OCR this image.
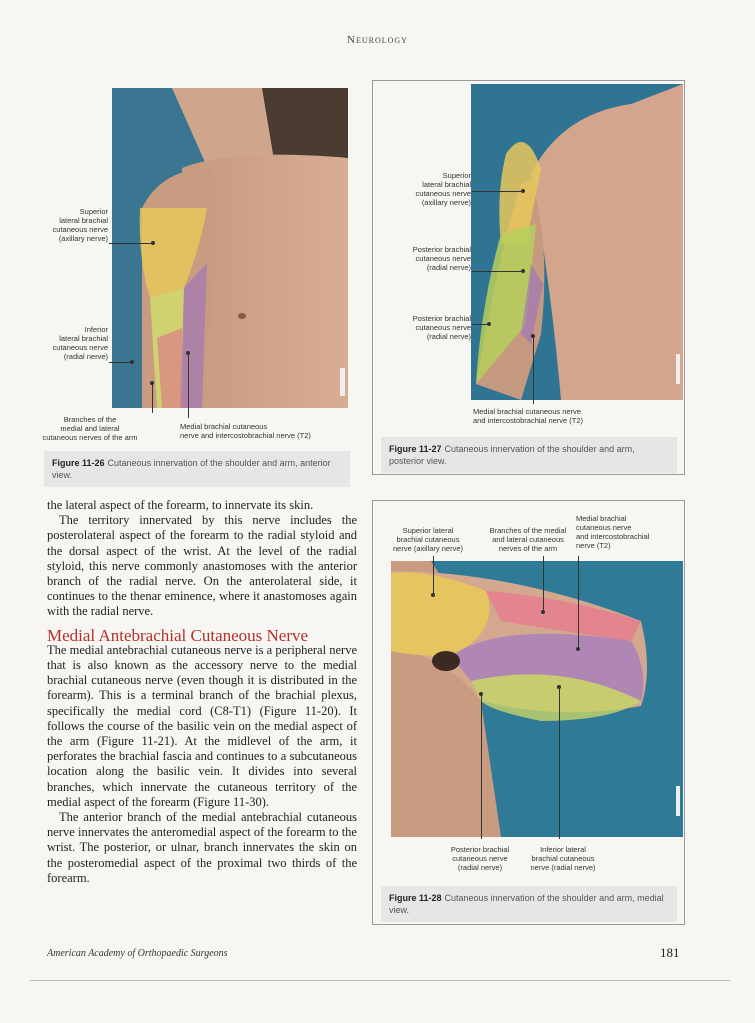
Neurology
Superior
lateral brachial
cutaneous nerve
(axillary nerve)
Inferior
lateral brachial
cutaneous nerve
(radial nerve)
Branches of the
medial and lateral
cutaneous nerves of the arm
Medial brachial cutaneous
nerve and intercostobrachial nerve (T2)
Figure 11-26 Cutaneous innervation of the shoulder and arm, anterior view.
Superior
lateral brachial
cutaneous nerve
(axillary nerve)
Posterior brachial
cutaneous nerve
(radial nerve)
Posterior brachial
cutaneous nerve
(radial nerve)
Medial brachial cutaneous nerve
and intercostobrachial nerve (T2)
Figure 11-27 Cutaneous innervation of the shoulder and arm, posterior view.
Superior lateral
brachial cutaneous
nerve (axillary nerve)
Branches of the medial
and lateral cutaneous
nerves of the arm
Medial brachial
cutaneous nerve
and intercostobrachial
nerve (T2)
Posterior brachial
cutaneous nerve
(radial nerve)
Inferior lateral
brachial cutaneous
nerve (radial nerve)
Figure 11-28 Cutaneous innervation of the shoulder and arm, medial view.

the lateral aspect of the forearm, to innervate its skin.

The territory innervated by this nerve includes the posterolateral aspect of the forearm to the radial styloid and the dorsal aspect of the wrist. At the level of the radial styloid, this nerve commonly anastomoses with the anterior branch of the radial nerve. On the anterolateral side, it continues to the thenar eminence, where it anastomoses again with the radial nerve.

Medial Antebrachial Cutaneous Nerve

The medial antebrachial cutaneous nerve is a peripheral nerve that is also known as the accessory nerve to the medial brachial cutaneous nerve (even though it is distributed in the forearm). This is a terminal branch of the brachial plexus, specifically the medial cord (C8-T1) (Figure 11-20). It follows the course of the basilic vein on the medial aspect of the arm (Figure 11-21). At the midlevel of the arm, it perforates the brachial fascia and continues to a subcutaneous location along the basilic vein. It divides into several branches, which innervate the cutaneous territory of the medial aspect of the forearm (Figure 11-30).

The anterior branch of the medial antebrachial cutaneous nerve innervates the anteromedial aspect of the forearm to the wrist. The posterior, or ulnar, branch innervates the skin on the posteromedial aspect of the proximal two thirds of the forearm.

American Academy of Orthopaedic Surgeons	181
